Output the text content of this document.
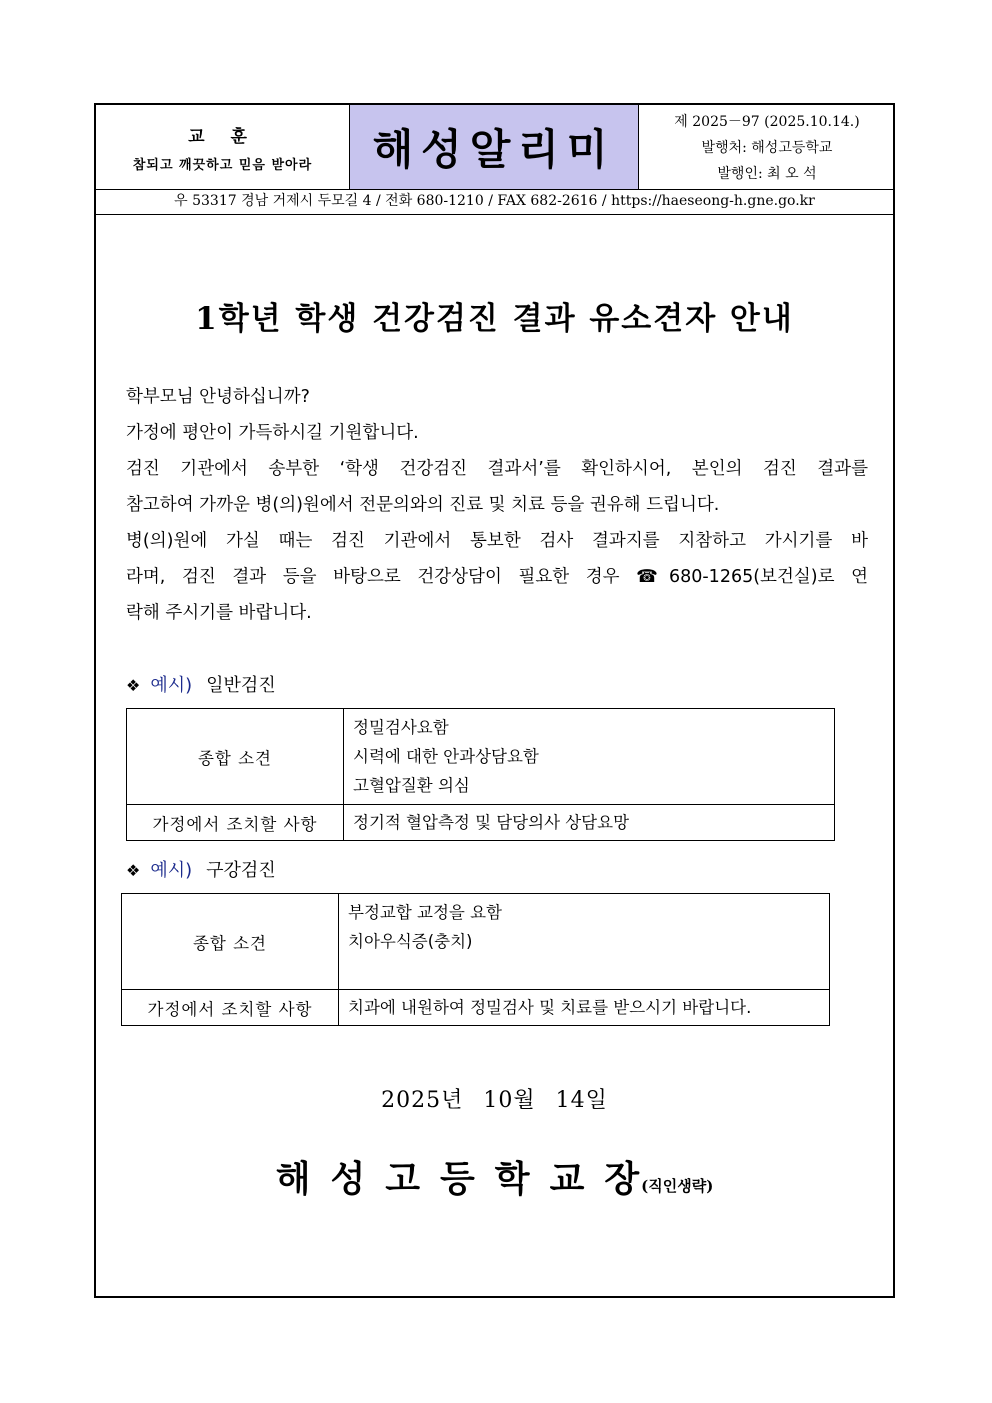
교 훈
참되고 깨끗하고 믿음 받아라	해성알리미
제 2025－97 (2025.10.14.)
발행처: 해성고등학교
발행인: 최 오 석
우 53317 경남 거제시 두모길 4 / 전화 680-1210 / FAX 682-2616 / https://haeseong-h.gne.go.kr
1학년 학생 건강검진 결과 유소견자 안내

학부모님 안녕하십니까?

가정에 평안이 가득하시길 기원합니다.

검진 기관에서 송부한 ‘학생 건강검진 결과서’를 확인하시어, 본인의 검진 결과를

참고하여 가까운 병(의)원에서 전문의와의 진료 및 치료 등을 권유해 드립니다.

병(의)원에 가실 때는 검진 기관에서 통보한 검사 결과지를 지참하고 가시기를 바

라며, 검진 결과 등을 바탕으로 건강상담이 필요한 경우 ☎680-1265(보건실)로 연

락해 주시기를 바랍니다.

❖ 예시) 일반검진
종합 소견	정밀검사요함
시력에 대한 안과상담요함
고혈압질환 의심

가정에서 조치할 사항	정기적 혈압측정 및 담당의사 상담요망
❖ 예시) 구강검진
종합 소견	부정교합 교정을 요함
치아우식증(충치)

가정에서 조치할 사항	치과에 내원하여 정밀검사 및 치료를 받으시기 바랍니다.
2025년 10월 14일
해성고등학교장(직인생략)
